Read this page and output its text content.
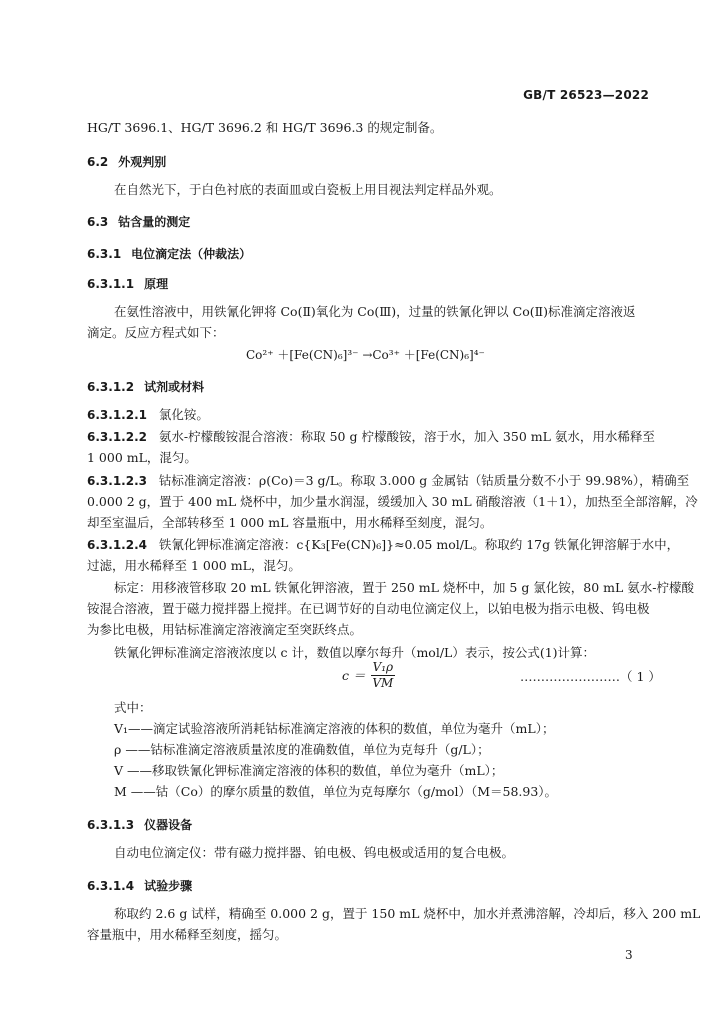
GB/T 26523—2022
HG/T 3696.1、HG/T 3696.2 和 HG/T 3696.3 的规定制备。
6.2 外观判别
在自然光下，于白色衬底的表面皿或白瓷板上用目视法判定样品外观。
6.3 钴含量的测定
6.3.1 电位滴定法（仲裁法）
6.3.1.1 原理
在氨性溶液中，用铁氰化钾将 Co(Ⅱ)氧化为 Co(Ⅲ)，过量的铁氰化钾以 Co(Ⅱ)标准滴定溶液返
滴定。反应方程式如下：
Co²⁺ ＋[Fe(CN)₆]³⁻ →Co³⁺ ＋[Fe(CN)₆]⁴⁻
6.3.1.2 试剂或材料
6.3.1.2.1 氯化铵。
6.3.1.2.2 氨水-柠檬酸铵混合溶液：称取 50 g 柠檬酸铵，溶于水，加入 350 mL 氨水，用水稀释至
1 000 mL，混匀。
6.3.1.2.3 钴标准滴定溶液：ρ(Co)＝3 g/L。称取 3.000 g 金属钴（钴质量分数不小于 99.98%），精确至
0.000 2 g，置于 400 mL 烧杯中，加少量水润湿，缓缓加入 30 mL 硝酸溶液（1＋1），加热至全部溶解，冷
却至室温后，全部转移至 1 000 mL 容量瓶中，用水稀释至刻度，混匀。
6.3.1.2.4 铁氰化钾标准滴定溶液：c{K₃[Fe(CN)₆]}≈0.05 mol/L。称取约 17g 铁氰化钾溶解于水中，
过滤，用水稀释至 1 000 mL，混匀。
标定：用移液管移取 20 mL 铁氰化钾溶液，置于 250 mL 烧杯中，加 5 g 氯化铵，80 mL 氨水-柠檬酸
铵混合溶液，置于磁力搅拌器上搅拌。在已调节好的自动电位滴定仪上，以铂电极为指示电极、钨电极
为参比电极，用钴标准滴定溶液滴定至突跃终点。
铁氰化钾标准滴定溶液浓度以 c 计，数值以摩尔每升（mol/L）表示，按公式(1)计算：
$c = \frac{\text{V₁ρ}}{VM}$	……………………（ 1 ）
式中：
V₁——滴定试验溶液所消耗钴标准滴定溶液的体积的数值，单位为毫升（mL）；
ρ ——钴标准滴定溶液质量浓度的准确数值，单位为克每升（g/L）；
V ——移取铁氰化钾标准滴定溶液的体积的数值，单位为毫升（mL）；
M ——钴（Co）的摩尔质量的数值，单位为克每摩尔（g/mol）（M＝58.93）。
6.3.1.3 仪器设备
自动电位滴定仪：带有磁力搅拌器、铂电极、钨电极或适用的复合电极。
6.3.1.4 试验步骤
称取约 2.6 g 试样，精确至 0.000 2 g，置于 150 mL 烧杯中，加水并煮沸溶解，冷却后，移入 200 mL
容量瓶中，用水稀释至刻度，摇匀。
3
